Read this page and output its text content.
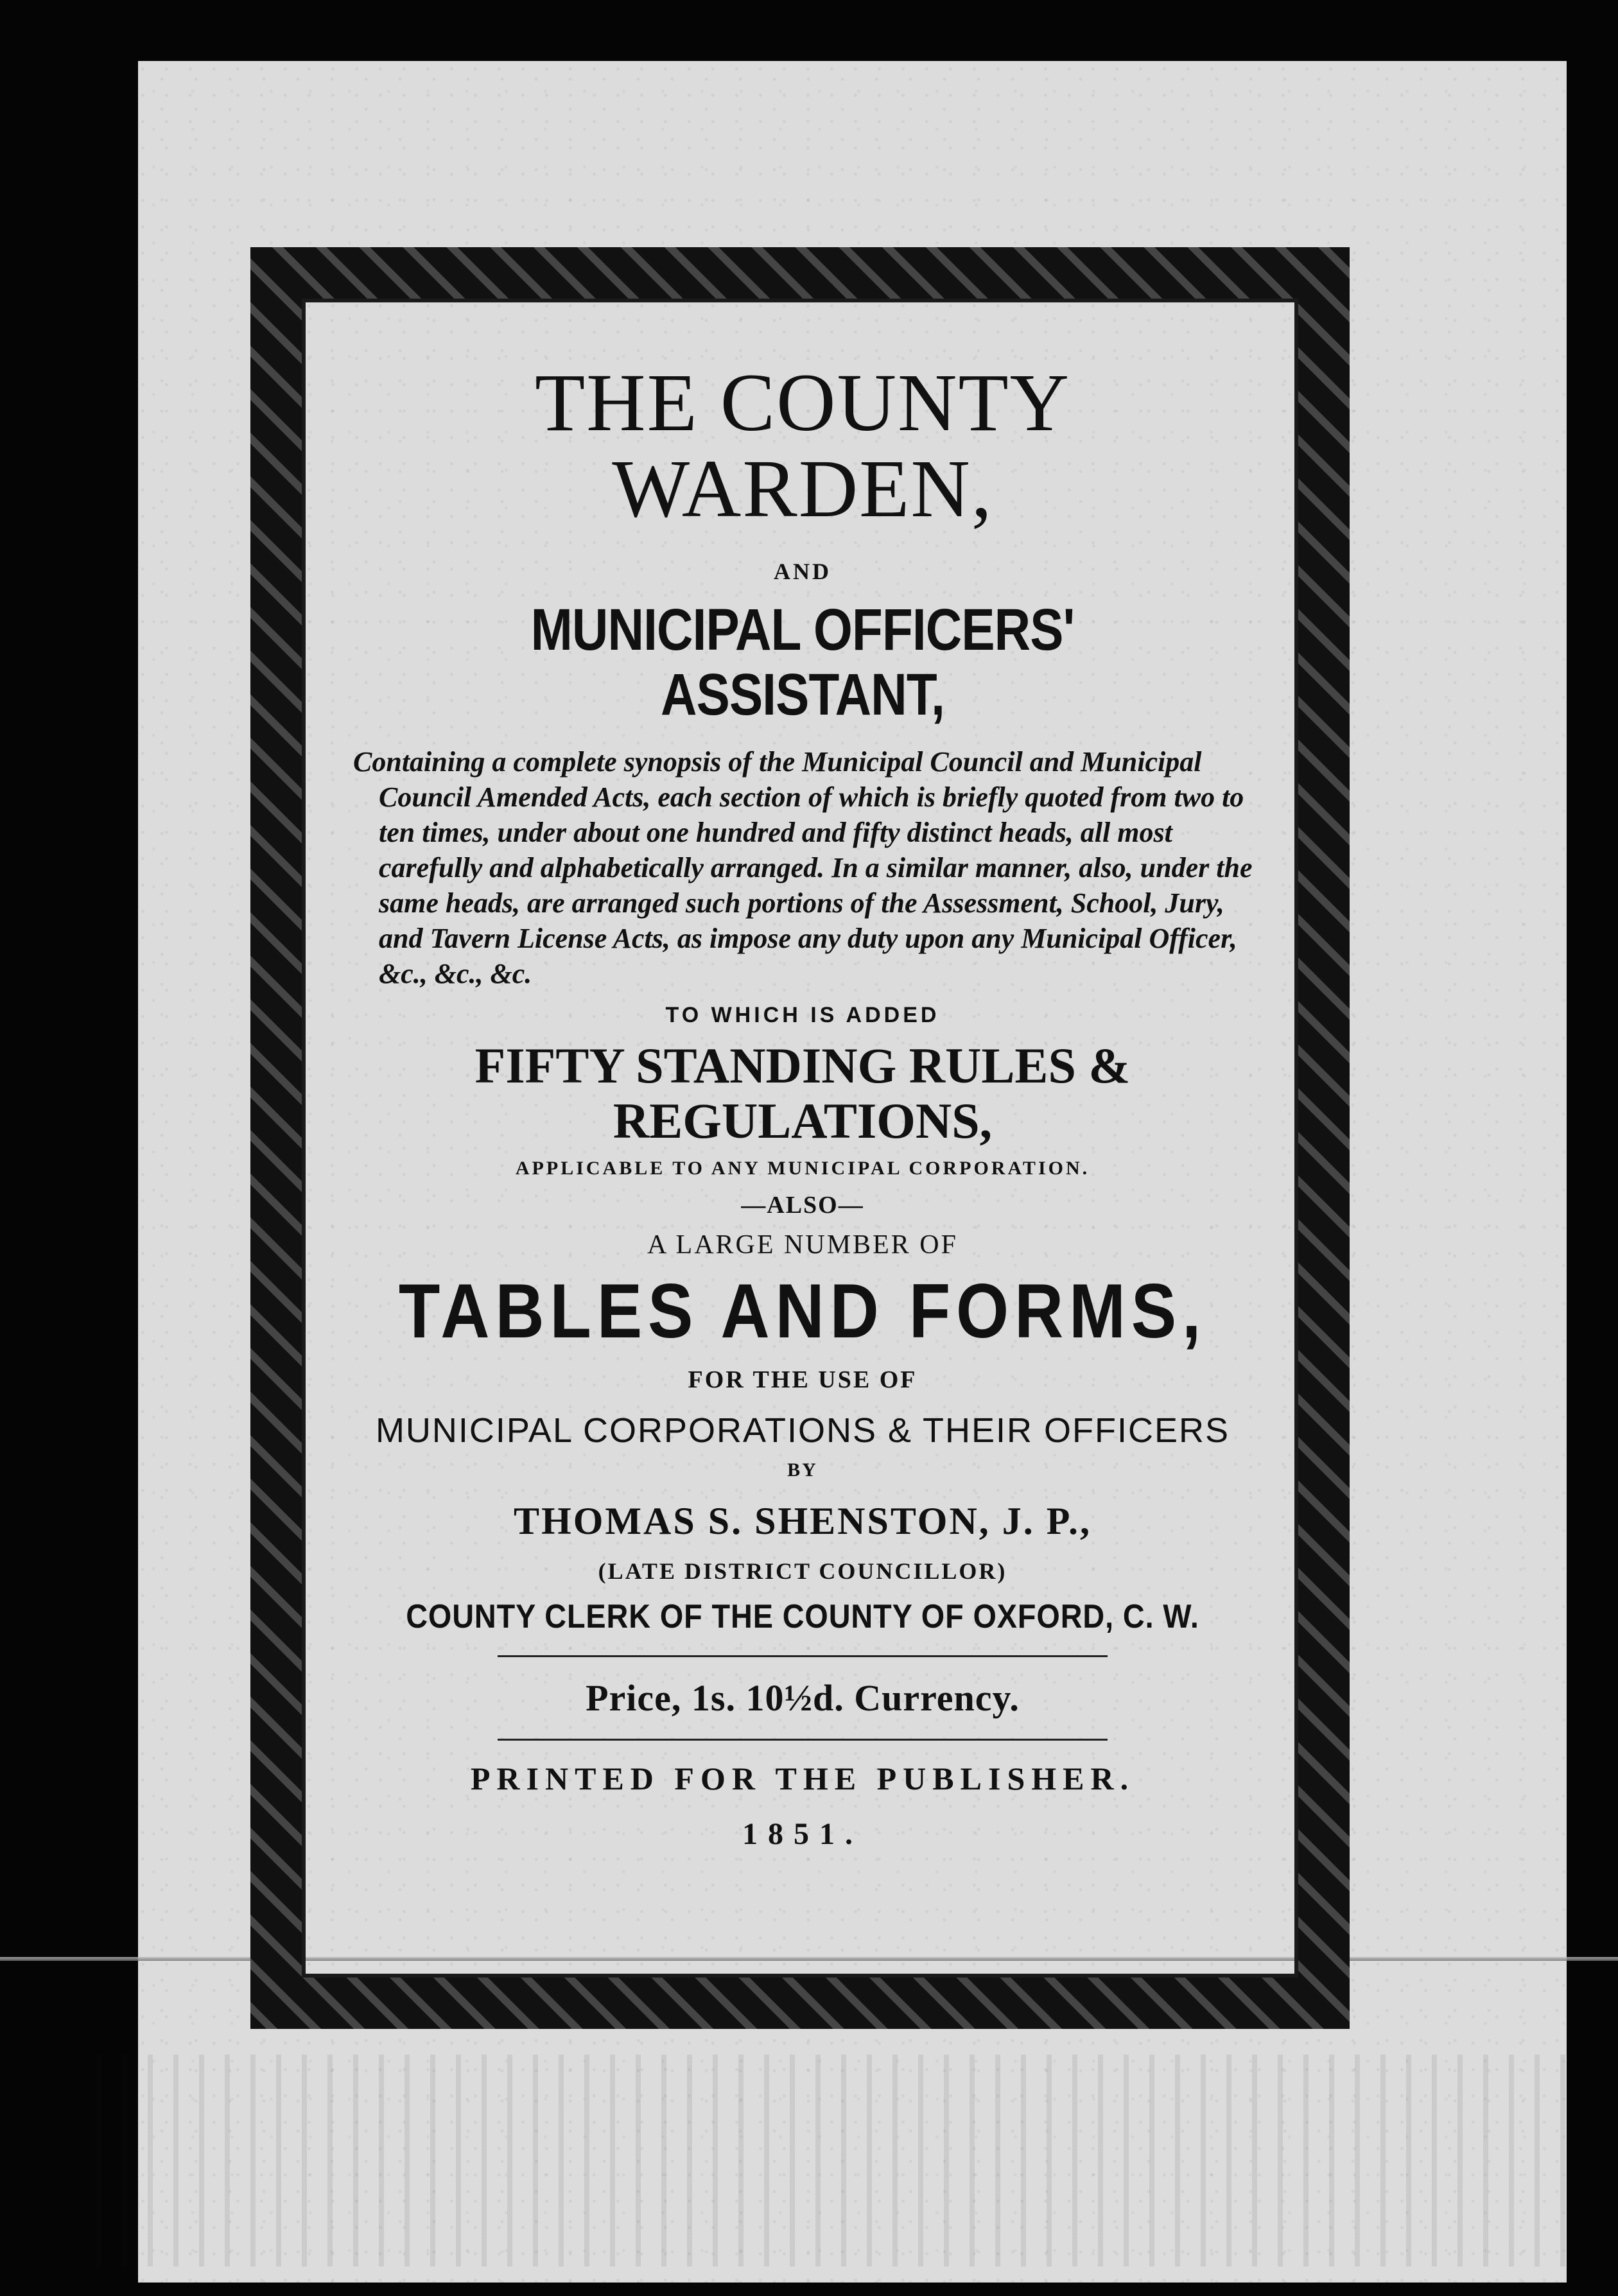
THE COUNTY WARDEN,
AND
MUNICIPAL OFFICERS' ASSISTANT,
Containing a complete synopsis of the Municipal Council and Municipal Council Amended Acts, each section of which is briefly quoted from two to ten times, under about one hundred and fifty distinct heads, all most carefully and alphabetically arranged. In a similar manner, also, under the same heads, are arranged such portions of the Assessment, School, Jury, and Tavern License Acts, as impose any duty upon any Municipal Officer, &c., &c., &c.
TO WHICH IS ADDED
FIFTY STANDING RULES & REGULATIONS,
APPLICABLE TO ANY MUNICIPAL CORPORATION.
—ALSO—
A LARGE NUMBER OF
TABLES AND FORMS,
FOR THE USE OF
MUNICIPAL CORPORATIONS & THEIR OFFICERS
BY
THOMAS S. SHENSTON, J. P.,
(LATE DISTRICT COUNCILLOR)
COUNTY CLERK OF THE COUNTY OF OXFORD, C. W.
Price, 1s. 10½d. Currency.
PRINTED FOR THE PUBLISHER.
1851.
